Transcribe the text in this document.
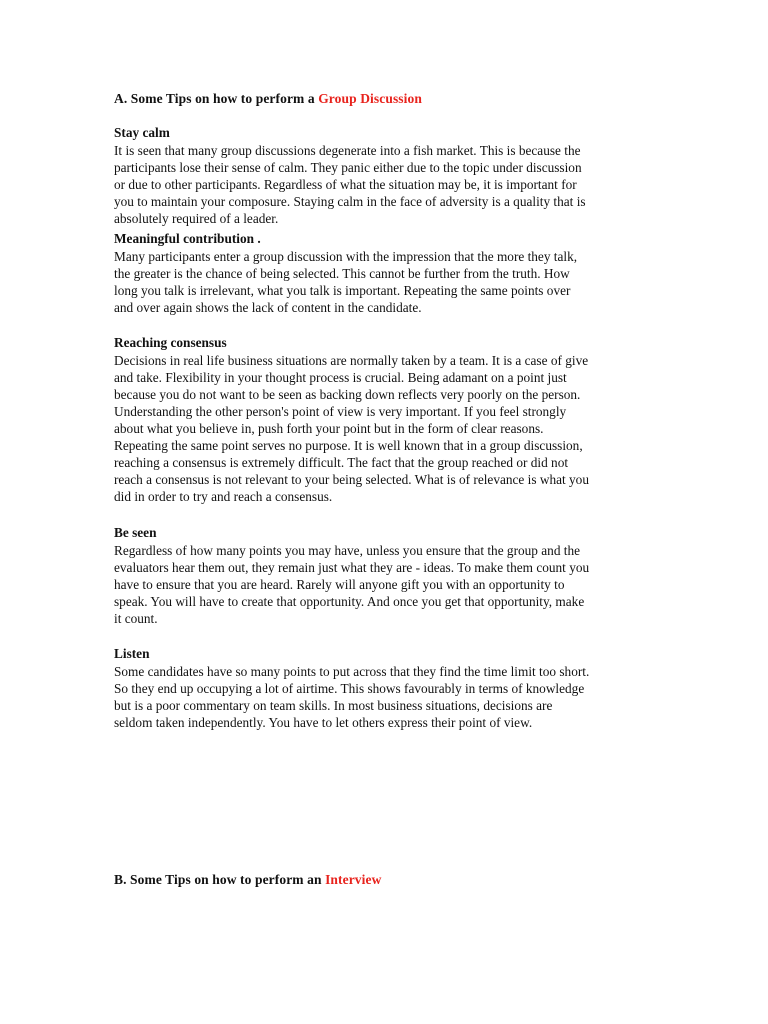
A. Some Tips on how to perform a Group Discussion
Stay calm
It is seen that many group discussions degenerate into a fish market. This is because the
participants lose their sense of calm. They panic either due to the topic under discussion
or due to other participants. Regardless of what the situation may be, it is important for
you to maintain your composure. Staying calm in the face of adversity is a quality that is
absolutely required of a leader.
Meaningful contribution .
Many participants enter a group discussion with the impression that the more they talk,
the greater is the chance of being selected. This cannot be further from the truth. How
long you talk is irrelevant, what you talk is important. Repeating the same points over
and over again shows the lack of content in the candidate.
Reaching consensus
Decisions in real life business situations are normally taken by a team. It is a case of give
and take. Flexibility in your thought process is crucial. Being adamant on a point just
because you do not want to be seen as backing down reflects very poorly on the person.
Understanding the other person's point of view is very important. If you feel strongly
about what you believe in, push forth your point but in the form of clear reasons.
Repeating the same point serves no purpose. It is well known that in a group discussion,
reaching a consensus is extremely difficult. The fact that the group reached or did not
reach a consensus is not relevant to your being selected. What is of relevance is what you
did in order to try and reach a consensus.
Be seen
Regardless of how many points you may have, unless you ensure that the group and the
evaluators hear them out, they remain just what they are - ideas. To make them count you
have to ensure that you are heard. Rarely will anyone gift you with an opportunity to
speak. You will have to create that opportunity. And once you get that opportunity, make
it count.
Listen
Some candidates have so many points to put across that they find the time limit too short.
So they end up occupying a lot of airtime. This shows favourably in terms of knowledge
but is a poor commentary on team skills. In most business situations, decisions are
seldom taken independently. You have to let others express their point of view.
B. Some Tips on how to perform an Interview
